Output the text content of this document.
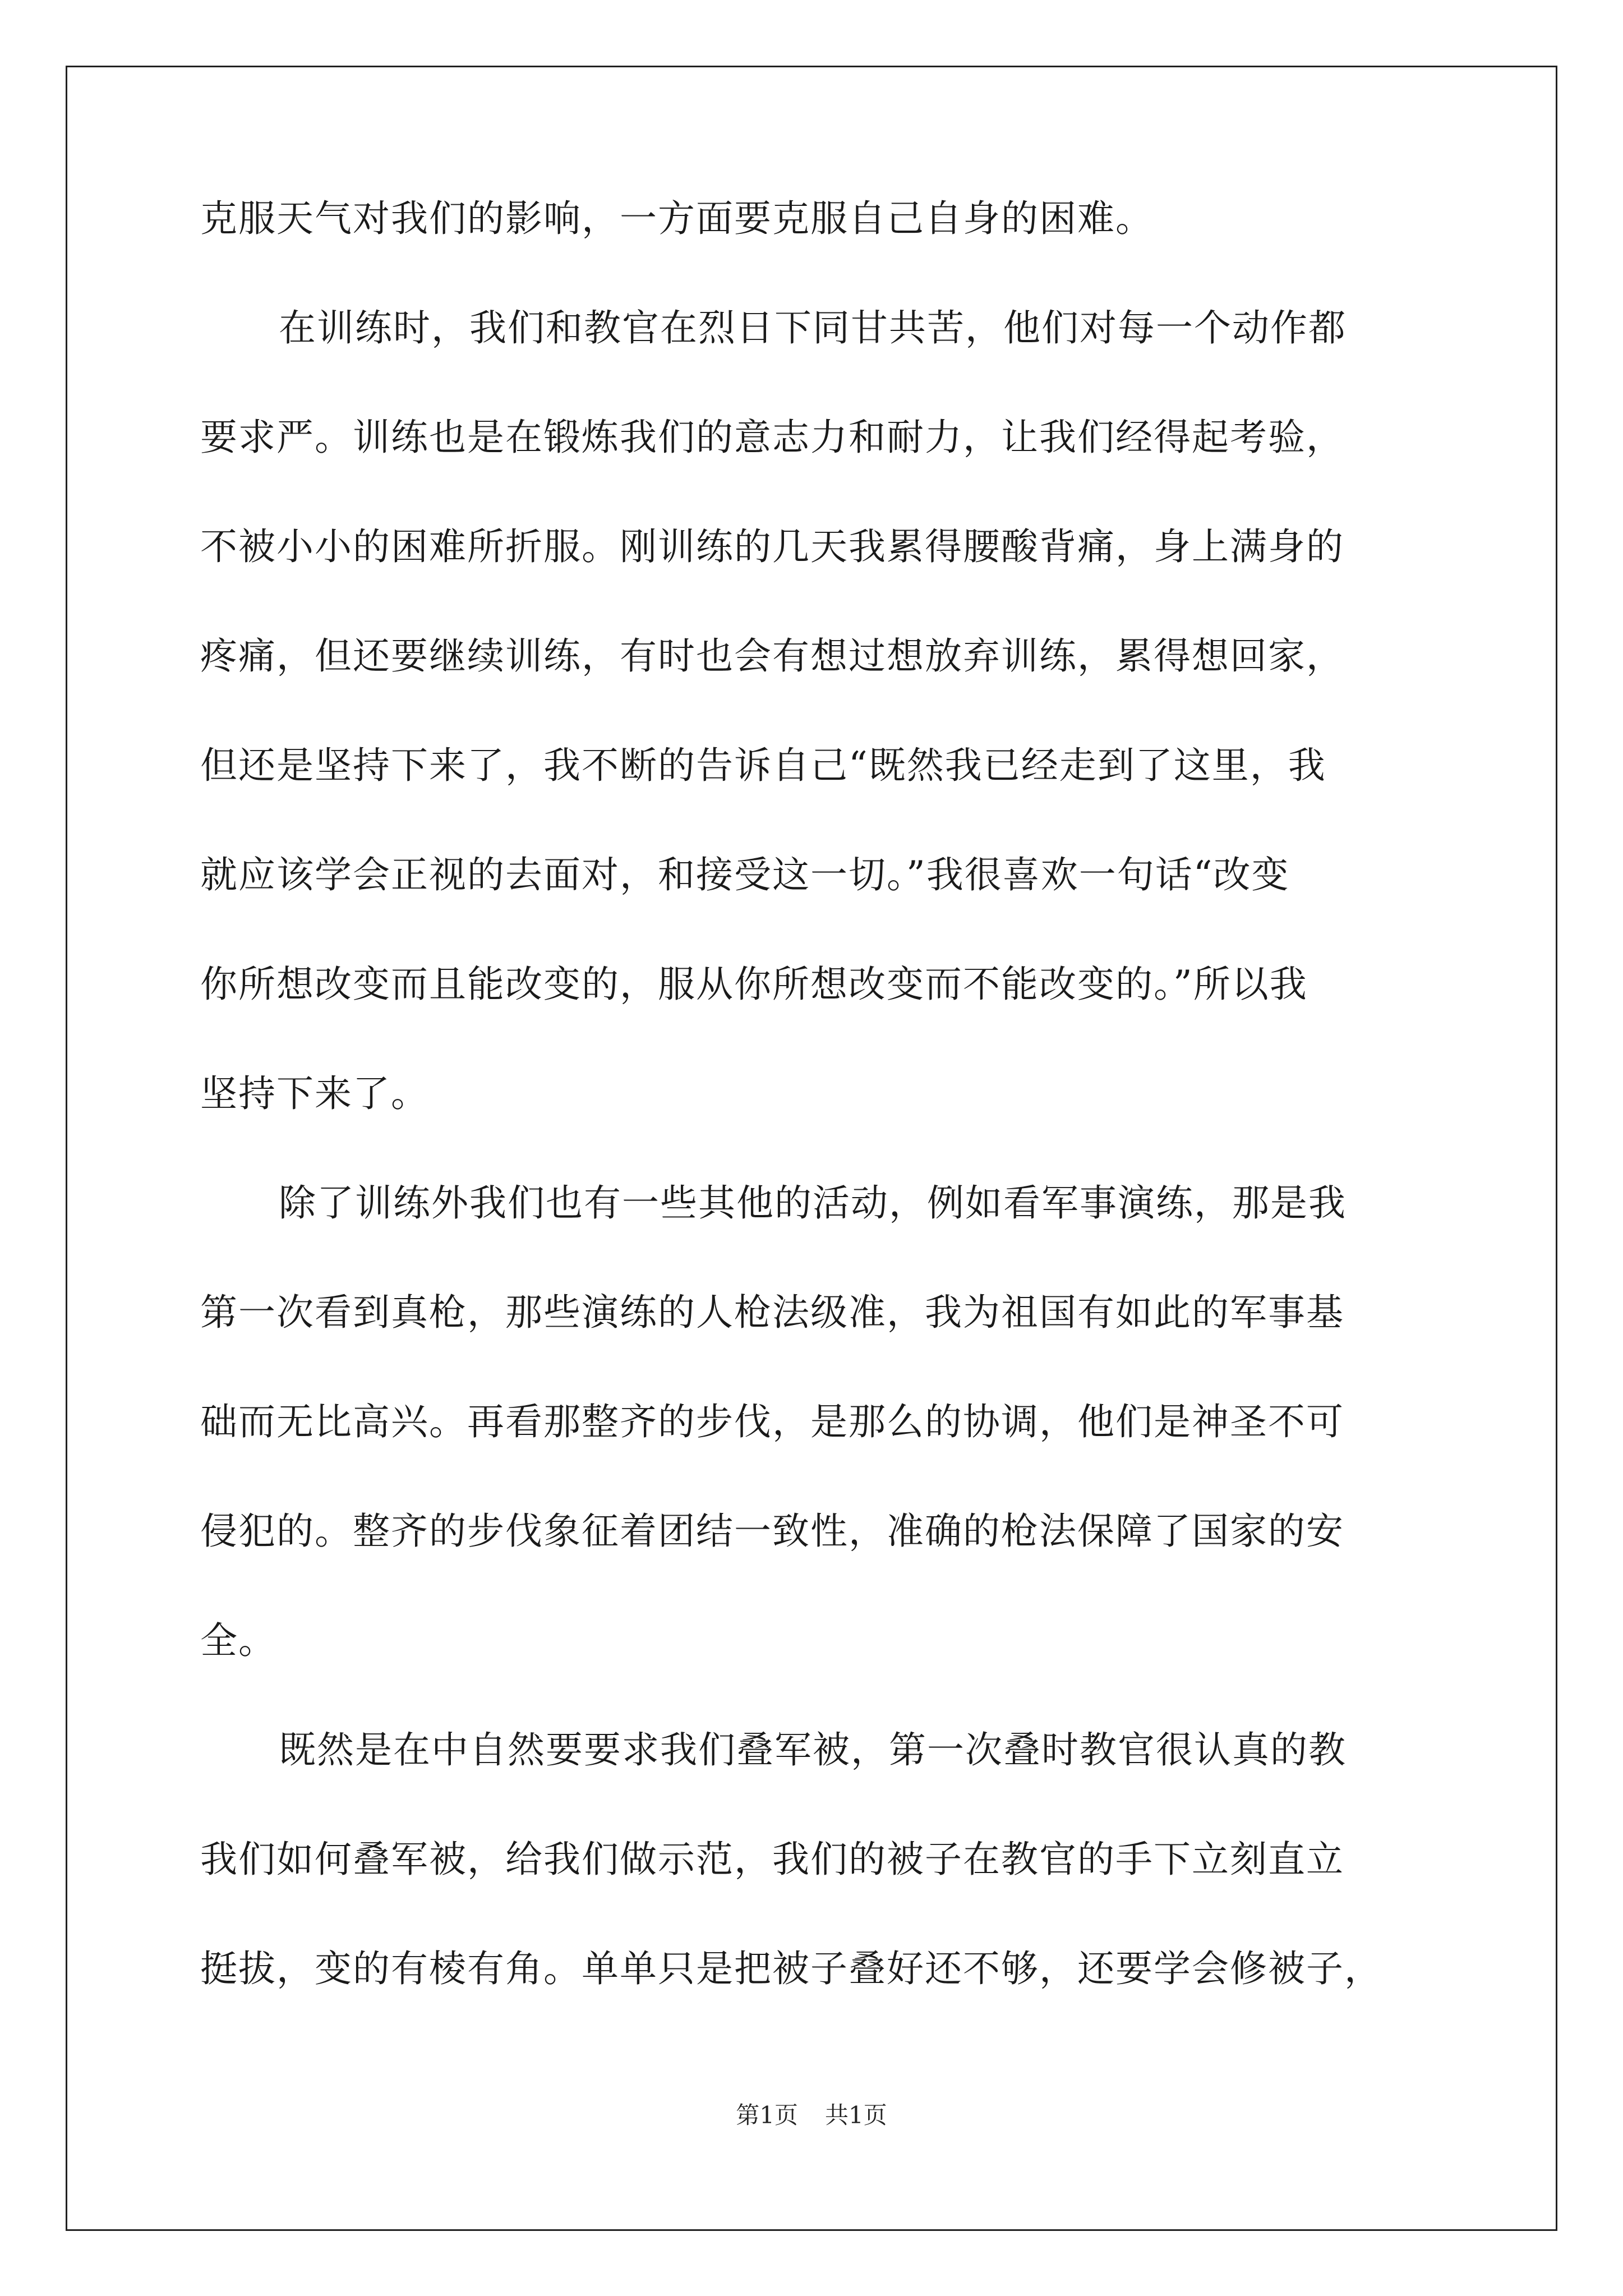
克服天气对我们的影响，一方面要克服自己自身的困难。
在训练时，我们和教官在烈日下同甘共苦，他们对每一个动作都
要求严。训练也是在锻炼我们的意志力和耐力，让我们经得起考验，
不被小小的困难所折服。刚训练的几天我累得腰酸背痛，身上满身的
疼痛，但还要继续训练，有时也会有想过想放弃训练，累得想回家，
但还是坚持下来了，我不断的告诉自己“既然我已经走到了这里，我
就应该学会正视的去面对，和接受这一切。”我很喜欢一句话“改变
你所想改变而且能改变的，服从你所想改变而不能改变的。”所以我
坚持下来了。
除了训练外我们也有一些其他的活动，例如看军事演练，那是我
第一次看到真枪，那些演练的人枪法级准，我为祖国有如此的军事基
础而无比高兴。再看那整齐的步伐，是那么的协调，他们是神圣不可
侵犯的。整齐的步伐象征着团结一致性，准确的枪法保障了国家的安
全。
既然是在中自然要要求我们叠军被，第一次叠时教官很认真的教
我们如何叠军被，给我们做示范，我们的被子在教官的手下立刻直立
挺拔，变的有棱有角。单单只是把被子叠好还不够，还要学会修被子，
第1页 共1页
